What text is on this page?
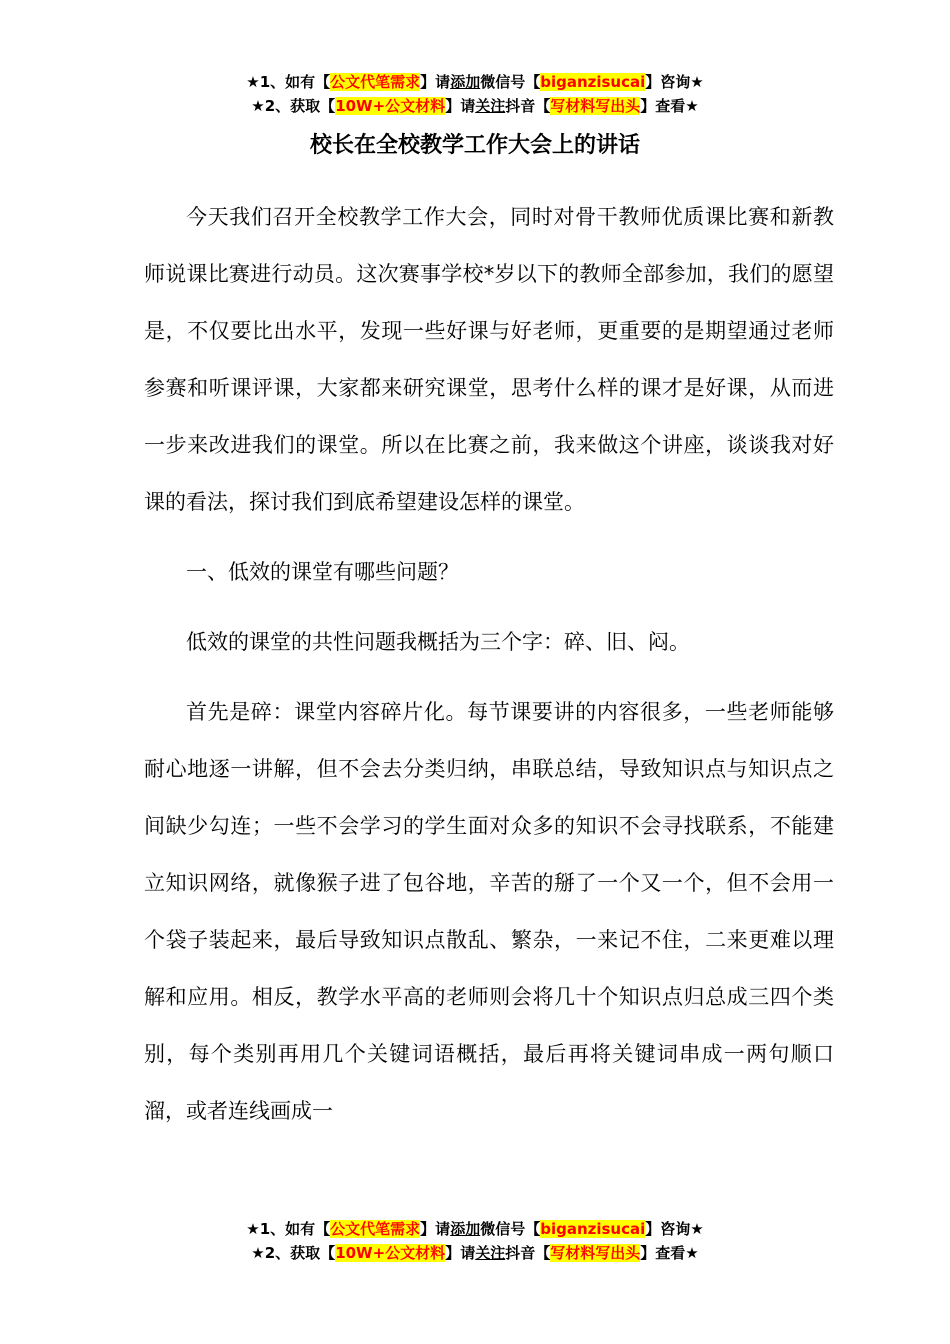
★1、如有【公文代笔需求】请添加微信号【biganzisucai】咨询★
★2、获取【10W+公文材料】请关注抖音【写材料写出头】查看★
校长在全校教学工作大会上的讲话

今天我们召开全校教学工作大会，同时对骨干教师优质课比赛和新教师说课比赛进行动员。这次赛事学校*岁以下的教师全部参加，我们的愿望是，不仅要比出水平，发现一些好课与好老师，更重要的是期望通过老师参赛和听课评课，大家都来研究课堂，思考什么样的课才是好课，从而进一步来改进我们的课堂。所以在比赛之前，我来做这个讲座，谈谈我对好课的看法，探讨我们到底希望建设怎样的课堂。

一、低效的课堂有哪些问题？

低效的课堂的共性问题我概括为三个字：碎、旧、闷。

首先是碎：课堂内容碎片化。每节课要讲的内容很多，一些老师能够耐心地逐一讲解，但不会去分类归纳，串联总结，导致知识点与知识点之间缺少勾连；一些不会学习的学生面对众多的知识不会寻找联系，不能建立知识网络，就像猴子进了包谷地，辛苦的掰了一个又一个，但不会用一个袋子装起来，最后导致知识点散乱、繁杂，一来记不住，二来更难以理解和应用。相反，教学水平高的老师则会将几十个知识点归总成三四个类别，每个类别再用几个关键词语概括，最后再将关键词串成一两句顺口溜，或者连线画成一

★1、如有【公文代笔需求】请添加微信号【biganzisucai】咨询★
★2、获取【10W+公文材料】请关注抖音【写材料写出头】查看★
